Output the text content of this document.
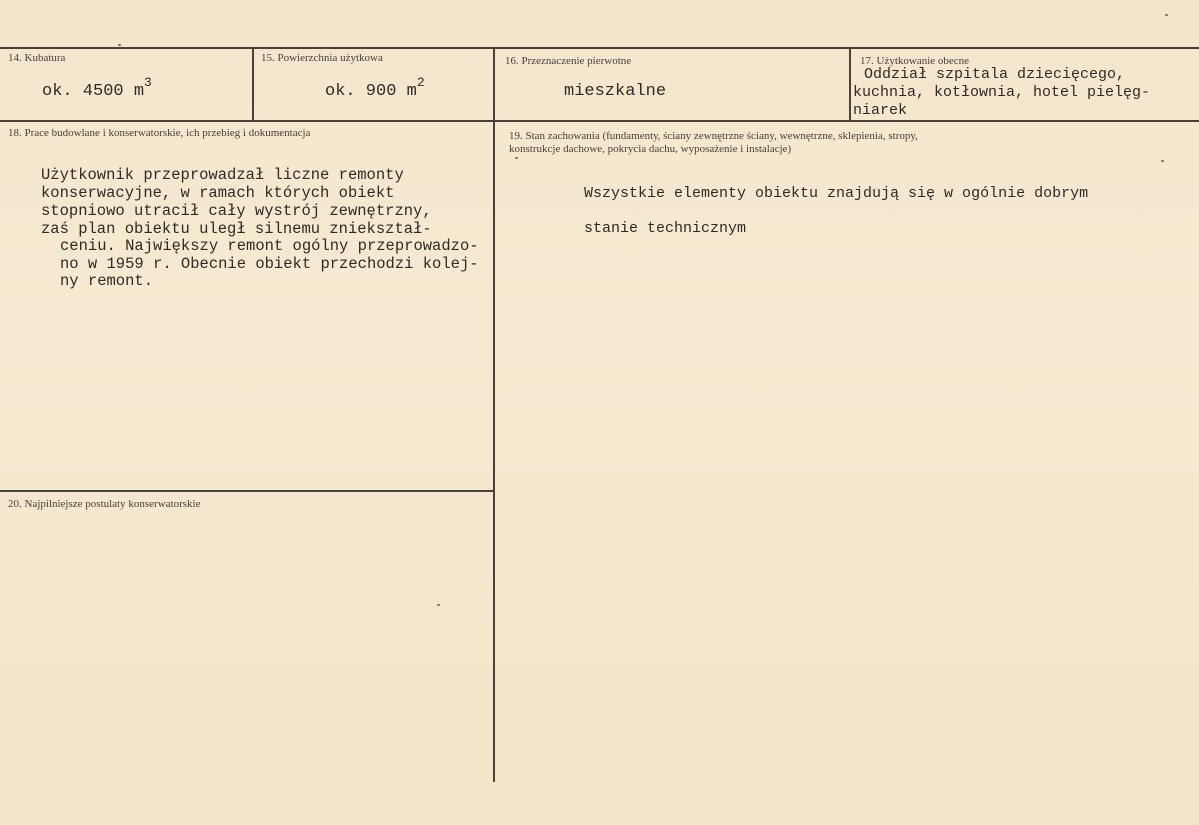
14. Kubatura
ok. 4500 $m^3$
15. Powierzchnia użytkowa
ok. 900 $m^2$
16. Przeznaczenie pierwotne
mieszkalne
17. Użytkowanie obecne
Oddział szpitala dziecięcego,
kuchnia, kotłownia, hotel pielęg-
niarek
18. Prace budowlane i konserwatorskie, ich przebieg i dokumentacja
Użytkownik przeprowadzał liczne remonty
konserwacyjne, w ramach których obiekt
stopniowo utracił cały wystrój zewnętrzny,
zaś plan obiektu uległ silnemu zniekształ-
ceniu. Największy remont ogólny przeprowadzo-
no w 1959 r. Obecnie obiekt przechodzi kolej-
ny remont.
19. Stan zachowania (fundamentу, ściany zewnętrzne ściany, wewnętrzne, sklepienia, stropy,
konstrukcje dachowe, pokrycia dachu, wyposażenie i instalacje)
Wszystkie elementy obiektu znajdują się w ogólnie dobrym
stanie technicznym
20. Najpilniejsze postulaty konserwatorskie
